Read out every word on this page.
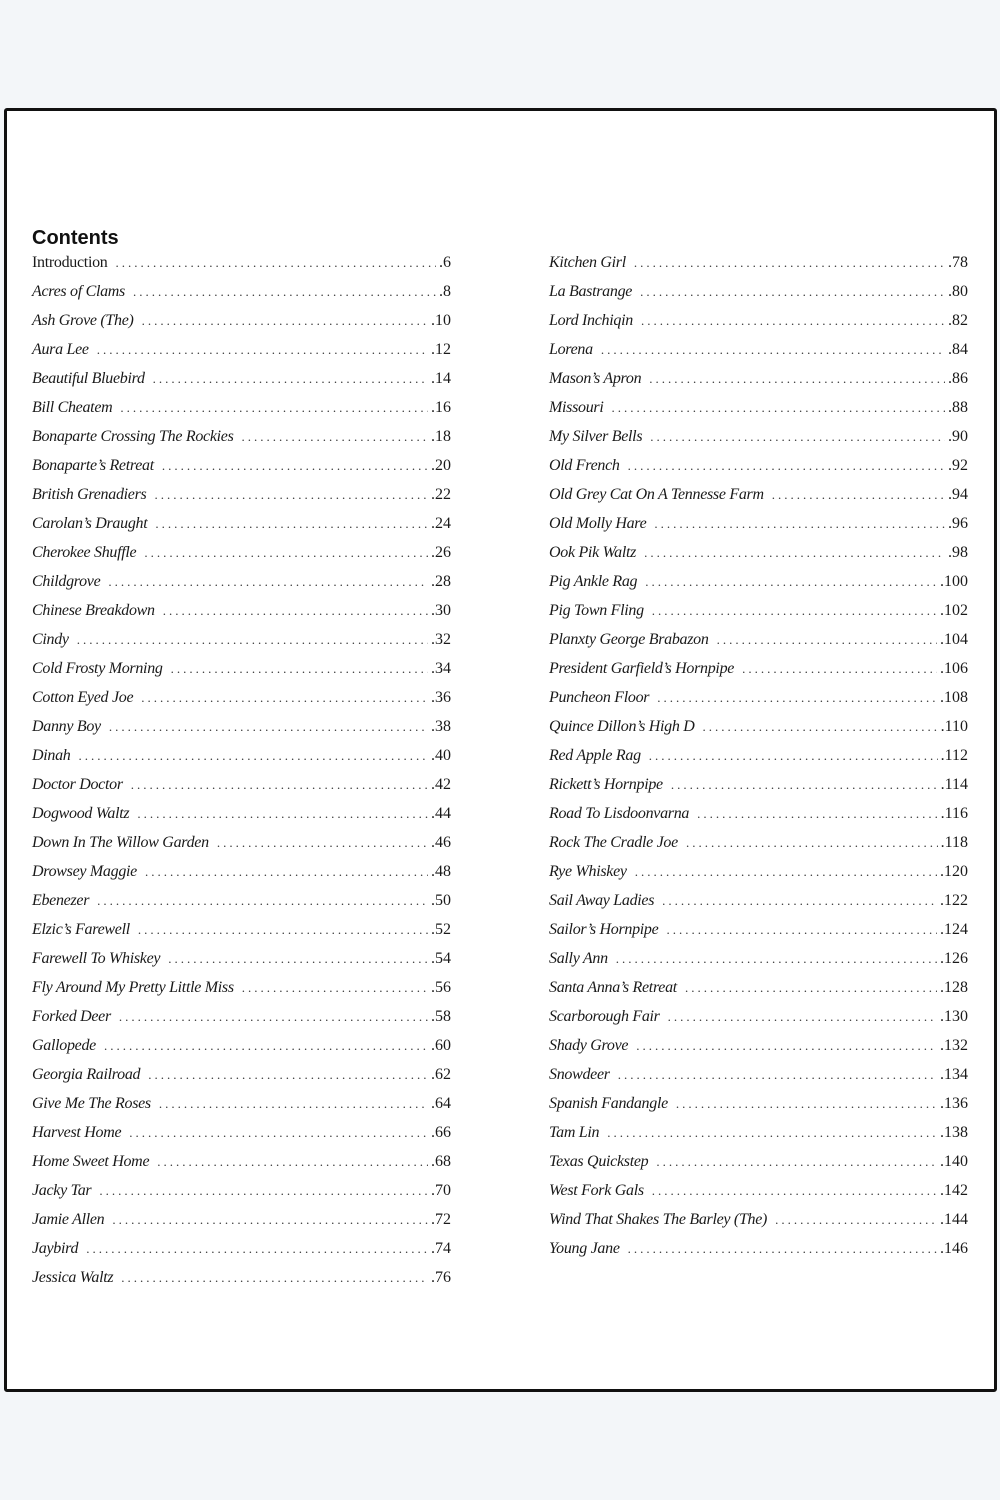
Contents
Introduction .....	.6
Acres of Clams .....	.8
Ash Grove (The) .....	.10
Aura Lee .....	.12
Beautiful Bluebird .....	.14
Bill Cheatem .....	.16
Bonaparte Crossing The Rockies .....	.18
Bonaparte’s Retreat .....	.20
British Grenadiers .....	.22
Carolan’s Draught .....	.24
Cherokee Shuffle .....	.26
Childgrove .....	.28
Chinese Breakdown .....	.30
Cindy .....	.32
Cold Frosty Morning .....	.34
Cotton Eyed Joe .....	.36
Danny Boy .....	.38
Dinah .....	.40
Doctor Doctor .....	.42
Dogwood Waltz .....	.44
Down In The Willow Garden .....	.46
Drowsey Maggie .....	.48
Ebenezer .....	.50
Elzic’s Farewell .....	.52
Farewell To Whiskey .....	.54
Fly Around My Pretty Little Miss .....	.56
Forked Deer .....	.58
Gallopede .....	.60
Georgia Railroad .....	.62
Give Me The Roses .....	.64
Harvest Home .....	.66
Home Sweet Home .....	.68
Jacky Tar .....	.70
Jamie Allen .....	.72
Jaybird .....	.74
Jessica Waltz .....	.76
Kitchen Girl .....	.78
La Bastrange .....	.80
Lord Inchiqin .....	.82
Lorena .....	.84
Mason’s Apron .....	.86
Missouri .....	.88
My Silver Bells .....	.90
Old French .....	.92
Old Grey Cat On A Tennesse Farm .....	.94
Old Molly Hare .....	.96
Ook Pik Waltz .....	.98
Pig Ankle Rag .....	.100
Pig Town Fling .....	.102
Planxty George Brabazon .....	.104
President Garfield’s Hornpipe .....	.106
Puncheon Floor .....	.108
Quince Dillon’s High D .....	.110
Red Apple Rag .....	.112
Rickett’s Hornpipe .....	.114
Road To Lisdoonvarna .....	.116
Rock The Cradle Joe .....	.118
Rye Whiskey .....	.120
Sail Away Ladies .....	.122
Sailor’s Hornpipe .....	.124
Sally Ann .....	.126
Santa Anna’s Retreat .....	.128
Scarborough Fair .....	.130
Shady Grove .....	.132
Snowdeer .....	.134
Spanish Fandangle .....	.136
Tam Lin .....	.138
Texas Quickstep .....	.140
West Fork Gals .....	.142
Wind That Shakes The Barley (The) .....	.144
Young Jane .....	.146
